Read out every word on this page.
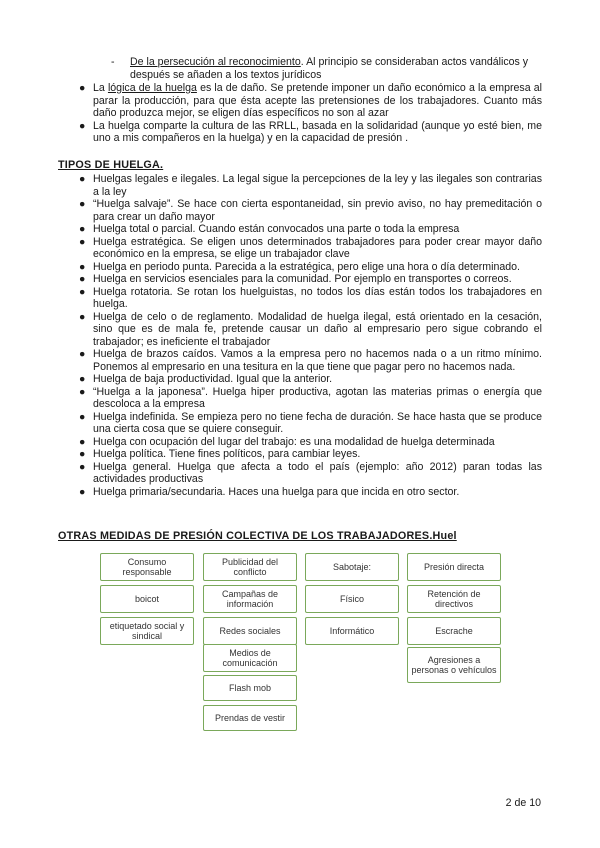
- De la persecución al reconocimiento. Al principio se consideraban actos vandálicos y después se añaden a los textos jurídicos
● La lógica de la huelga es la de daño. Se pretende imponer un daño económico a la empresa al parar la producción, para que ésta acepte las pretensiones de los trabajadores. Cuanto más daño produzca mejor, se eligen días específicos no son al azar
● La huelga comparte la cultura de las RRLL, basada en la solidaridad (aunque yo esté bien, me uno a mis compañeros en la huelga) y en la capacidad de presión .
TIPOS DE HUELGA.
● Huelgas legales e ilegales. La legal sigue la percepciones de la ley y las ilegales son contrarias a la ley
● “Huelga salvaje”. Se hace con cierta espontaneidad, sin previo aviso, no hay premeditación o para crear un daño mayor
● Huelga total o parcial. Cuando están convocados una parte o toda la empresa
● Huelga estratégica. Se eligen unos determinados trabajadores para poder crear mayor daño económico en la empresa, se elige un trabajador clave
● Huelga en periodo punta. Parecida a la estratégica, pero elige una hora o día determinado.
● Huelga en servicios esenciales para la comunidad. Por ejemplo en transportes o correos.
● Huelga rotatoria. Se rotan los huelguistas, no todos los días están todos los trabajadores en huelga.
● Huelga de celo o de reglamento. Modalidad de huelga ilegal, está orientado en la cesación, sino que es de mala fe, pretende causar un daño al empresario pero sigue cobrando el trabajador; es ineficiente el trabajador
● Huelga de brazos caídos. Vamos a la empresa pero no hacemos nada o a un ritmo mínimo. Ponemos al empresario en una tesitura en la que tiene que pagar pero no hacemos nada.
● Huelga de baja productividad. Igual que la anterior.
● “Huelga a la japonesa”. Huelga hiper productiva, agotan las materias primas o energía que descoloca a la empresa
● Huelga indefinida. Se empieza pero no tiene fecha de duración. Se hace hasta que se produce una cierta cosa que se quiere conseguir.
● Huelga con ocupación del lugar del trabajo: es una modalidad de huelga determinada
● Huelga política. Tiene fines políticos, para cambiar leyes.
● Huelga general. Huelga que afecta a todo el país (ejemplo: año 2012) paran todas las actividades productivas
● Huelga primaria/secundaria. Haces una huelga para que incida en otro sector.
OTRAS MEDIDAS DE PRESIÓN COLECTIVA DE LOS TRABAJADORES.Huel
Consumo responsable
boicot
etiquetado social y sindical
Publicidad del conflicto
Campañas de información
Redes sociales
Medios de comunicación
Flash mob
Prendas de vestir
Sabotaje:
Físico
Informático
Presión directa
Retención de directivos
Escrache
Agresiones a personas o vehículos
2 de 10
